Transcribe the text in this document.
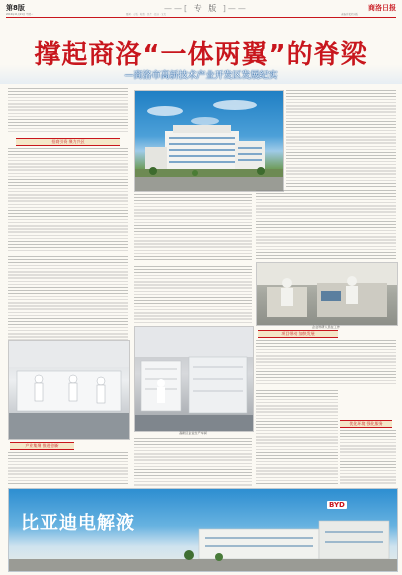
第8版	——[ 专 版 ]——	商洛日报
2016年11月21日 星期一	要闻 · 专版 · 时政 · 民生 · 经济 · 文化	商洛日报社出版
撑起商洛“一体两翼”的脊梁
—商洛市高新技术产业开发区发展纪实
招商引资 聚力兴区
企业科研人员在工作
项目带动 加快发展
高新区企业生产车间
产业集聚 推进创新
优化环境 强化服务
比亚迪电解液
BYD
